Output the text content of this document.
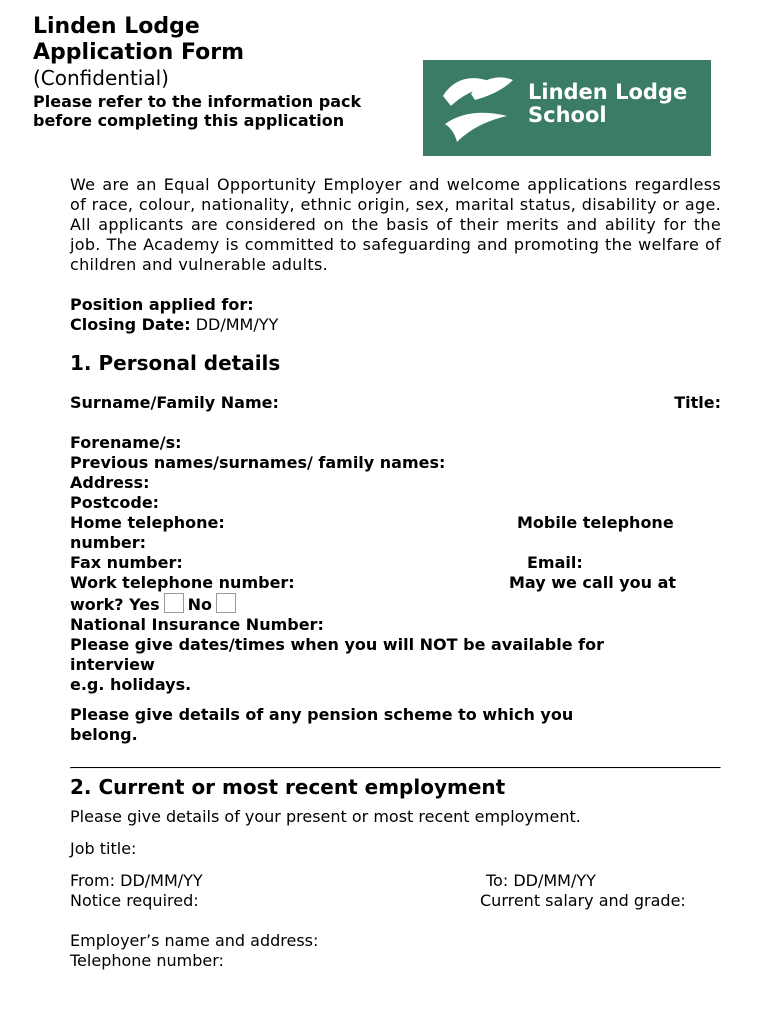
Linden Lodge

Application Form

(Confidential)

Please refer to the information pack before completing this application

Linden Lodge
School

We are an Equal Opportunity Employer and welcome applications regardless of race, colour, nationality, ethnic origin, sex, marital status, disability or age. All applicants are considered on the basis of their merits and ability for the job. The Academy is committed to safeguarding and promoting the welfare of children and vulnerable adults.

Position applied for:

Closing Date: DD/MM/YY

1. Personal details

Surname/Family Name:	Title:

Forename/s:

Previous names/surnames/ family names:

Address:

Postcode:

Home telephone:	Mobile telephone

number:

Fax number:	Email:

Work telephone number:	May we call you at

work? Yes No

National Insurance Number:

Please give dates/times when you will NOT be available for

interview

e.g. holidays.

Please give details of any pension scheme to which you

belong.

2. Current or most recent employment

Please give details of your present or most recent employment.

Job title:

From: DD/MM/YY	To: DD/MM/YY

Notice required:	Current salary and grade:

Employer’s name and address:

Telephone number:
